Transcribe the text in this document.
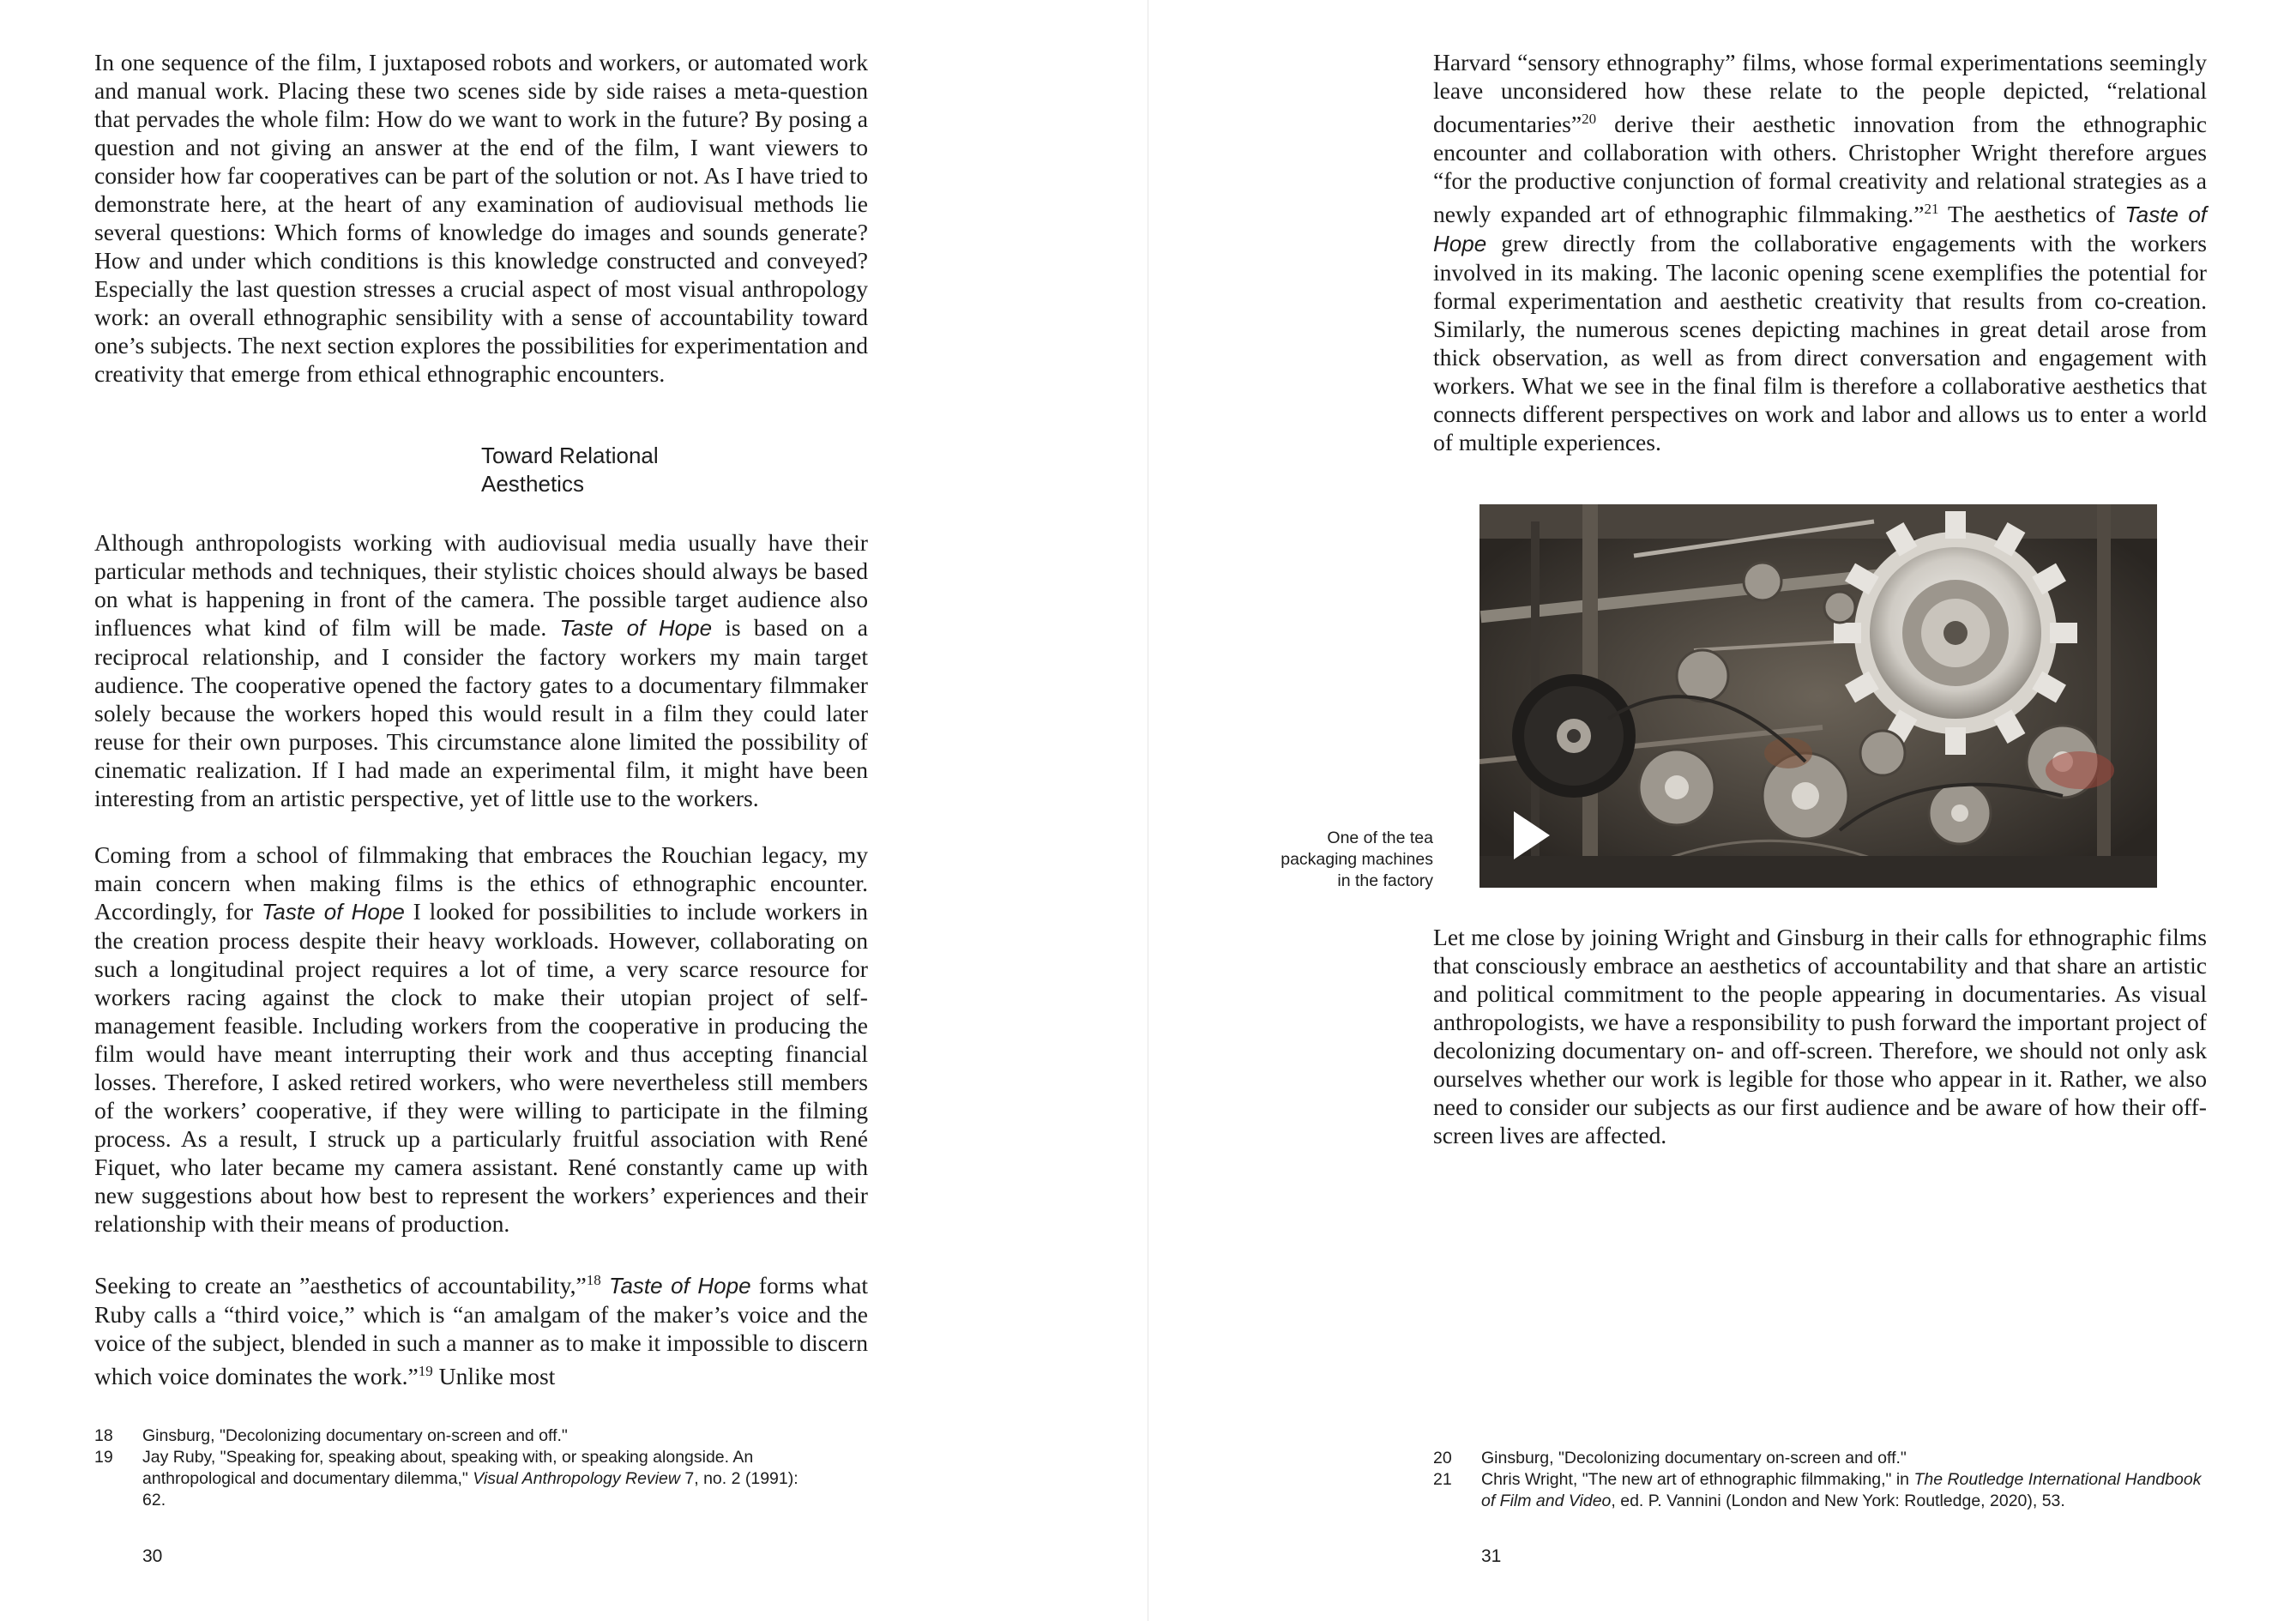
In one sequence of the film, I juxtaposed robots and workers, or automated work and manual work. Placing these two scenes side by side raises a meta-question that pervades the whole film: How do we want to work in the future? By posing a question and not giving an answer at the end of the film, I want viewers to consider how far cooperatives can be part of the solution or not. As I have tried to demonstrate here, at the heart of any examination of audiovisual methods lie several questions: Which forms of knowledge do images and sounds generate? How and under which conditions is this knowledge constructed and conveyed? Especially the last question stresses a crucial aspect of most visual anthropology work: an overall ethnographic sensibility with a sense of accountability toward one’s subjects. The next section explores the possibilities for experimentation and creativity that emerge from ethical ethnographic encounters.

Toward Relational
Aesthetics

Although anthropologists working with audiovisual media usually have their particular methods and techniques, their stylistic choices should always be based on what is happening in front of the camera. The possible target audience also influences what kind of film will be made. Taste of Hope is based on a reciprocal relationship, and I consider the factory workers my main target audience. The cooperative opened the factory gates to a documentary filmmaker solely because the workers hoped this would result in a film they could later reuse for their own purposes. This circumstance alone limited the possibility of cinematic realization. If I had made an experimental film, it might have been interesting from an artistic perspective, yet of little use to the workers.

Coming from a school of filmmaking that embraces the Rouchian legacy, my main concern when making films is the ethics of ethnographic encounter. Accordingly, for Taste of Hope I looked for possibilities to include workers in the creation process despite their heavy workloads. However, collaborating on such a longitudinal project requires a lot of time, a very scarce resource for workers racing against the clock to make their utopian project of self-management feasible. Including workers from the cooperative in producing the film would have meant interrupting their work and thus accepting financial losses. Therefore, I asked retired workers, who were nevertheless still members of the workers’ cooperative, if they were willing to participate in the filming process. As a result, I struck up a particularly fruitful association with René Fiquet, who later became my camera assistant. René constantly came up with new suggestions about how best to represent the workers’ experiences and their relationship with their means of production.

Seeking to create an ”aesthetics of accountability,”$^{18}$ Taste of Hope forms what Ruby calls a “third voice,” which is “an amalgam of the maker’s voice and the voice of the subject, blended in such a manner as to make it impossible to discern which voice dominates the work.”$^{19}$ Unlike most

18	Ginsburg, "Decolonizing documentary on-screen and off."
19	Jay Ruby, "Speaking for, speaking about, speaking with, or speaking alongside. An anthropological and documentary dilemma," Visual Anthropology Review 7, no. 2 (1991): 62.
30

Harvard “sensory ethnography” films, whose formal experimentations seemingly leave unconsidered how these relate to the people depicted, “relational documentaries”$^{20}$ derive their aesthetic innovation from the ethnographic encounter and collaboration with others. Christopher Wright therefore argues “for the productive conjunction of formal creativity and relational strategies as a newly expanded art of ethnographic filmmaking.”$^{21}$ The aesthetics of Taste of Hope grew directly from the collaborative engagements with the workers involved in its making. The laconic opening scene exemplifies the potential for formal experimentation and aesthetic creativity that results from co-creation. Similarly, the numerous scenes depicting machines in great detail arose from thick observation, as well as from direct conversation and engagement with workers. What we see in the final film is therefore a collaborative aesthetics that connects different perspectives on work and labor and allows us to enter a world of multiple experiences.

One of the tea
packaging machines
in the factory

Let me close by joining Wright and Ginsburg in their calls for ethnographic films that consciously embrace an aesthetics of accountability and that share an artistic and political commitment to the people appearing in documentaries. As visual anthropologists, we have a responsibility to push forward the important project of decolonizing documentary on- and off-screen. Therefore, we should not only ask ourselves whether our work is legible for those who appear in it. Rather, we also need to consider our subjects as our first audience and be aware of how their off-screen lives are affected.

20	Ginsburg, "Decolonizing documentary on-screen and off."
21	Chris Wright, "The new art of ethnographic filmmaking," in The Routledge International Handbook of Film and Video, ed. P. Vannini (London and New York: Routledge, 2020), 53.
31
